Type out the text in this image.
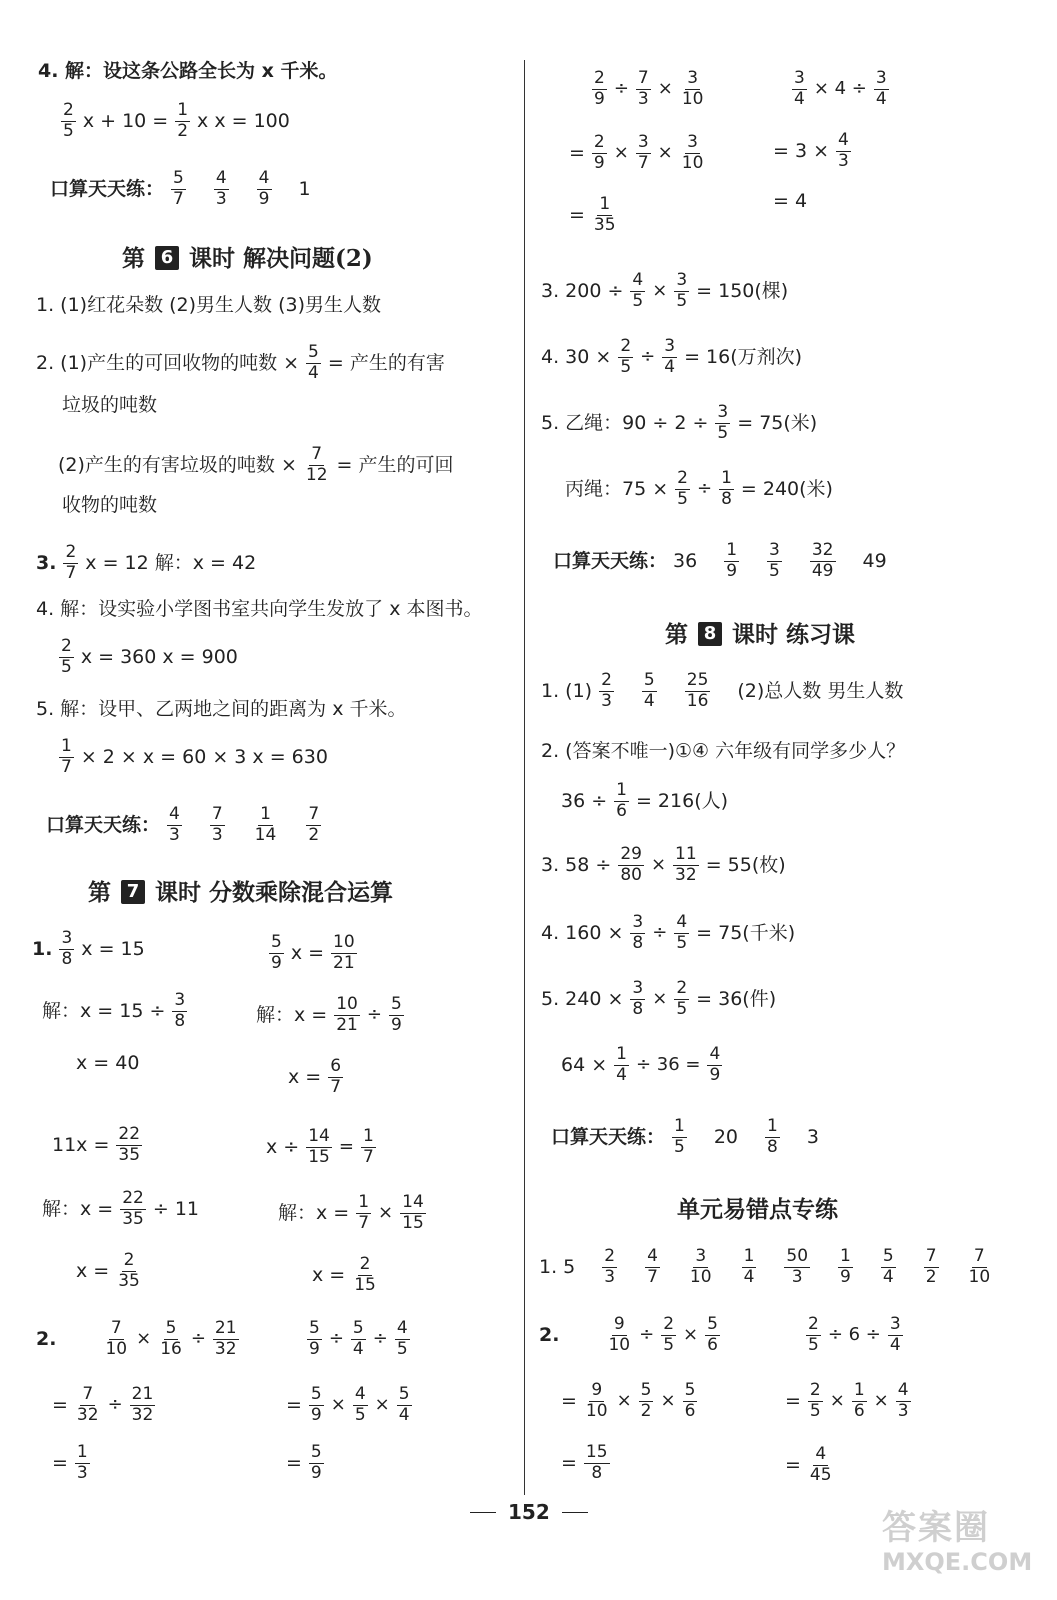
4. 解：设这条公路全长为 x 千米。
$\frac{2}{5}$ $x + 10 = \frac{1}{2}$ x x = 100
口算天天练： $\frac{5}{7} \frac{4}{3} \frac{4}{9} 1$
第 6 课时 解决问题(2)
1. (1)红花朵数 (2)男生人数 (3)男生人数
2. (1)产生的可回收物的吨数 × $\frac{5}{4}$ = 产生的有害
垃圾的吨数
(2)产生的有害垃圾的吨数 × $\frac{7}{12}$ = 产生的可回
收物的吨数
3. $\frac{2}{7}$ x = 12 解：x = 42
4. 解：设实验小学图书室共向学生发放了 x 本图书。
$\frac{2}{5}$ x = 360 x = 900
5. 解：设甲、乙两地之间的距离为 x 千米。
$\frac{1}{7} \times 2 \times x = 60 \times 3$ x = 630
口算天天练： $\frac{4}{3} \frac{7}{3} \frac{1}{14} \frac{7}{2}$
第 7 课时 分数乘除混合运算
1. $\frac{3}{8}$ x = 15
解：$x = 15 \div \frac{3}{8}$
x = 40
$\frac{5}{9}$ $x = \frac{10}{21}$
解：$x = \frac{10}{21} \div \frac{5}{9}$
$x = \frac{6}{7}$
$11x = \frac{22}{35}$
解：$x = \frac{22}{35} \div 11$
$x = \frac{2}{35}$
$x \div \frac{14}{15} = \frac{1}{7}$
解：$x = \frac{1}{7} \times \frac{14}{15}$
$x = \frac{2}{15}$
2.	$\frac{7}{10} \times \frac{5}{16} \div \frac{21}{32}$
= $\frac{7}{32} \div \frac{21}{32}$
= $\frac{1}{3}$
$\frac{5}{9} \div \frac{5}{4} \div \frac{4}{5}$
= $\frac{5}{9} \times \frac{4}{5} \times \frac{5}{4}$
= $\frac{5}{9}$
$\frac{2}{9} \div \frac{7}{3} \times \frac{3}{10}$
= $\frac{2}{9} \times \frac{3}{7} \times \frac{3}{10}$
= $\frac{1}{35}$
$\frac{3}{4} \times 4 \div \frac{3}{4}$
= $3 \times \frac{4}{3}$
= 4
3. $200 \div \frac{4}{5} \times \frac{3}{5} = 150$(棵)
4. $30 \times \frac{2}{5} \div \frac{3}{4} = 16$(万剂次)
5. 乙绳：$90 \div 2 \div \frac{3}{5} = 75$(米)
丙绳：$75 \times \frac{2}{5} \div \frac{1}{8} = 240$(米)
口算天天练： $36 \frac{1}{9} \frac{3}{5} \frac{32}{49} 49$
第 8 课时 练习课
1. $(1) \frac{2}{3} \frac{5}{4} \frac{25}{16} (2)$总人数 男生人数
2. (答案不唯一)①④ 六年级有同学多少人？
$36 \div \frac{1}{6} = 216$(人)
3. $58 \div \frac{29}{80} \times \frac{11}{32} = 55$(枚)
4. $160 \times \frac{3}{8} \div \frac{4}{5} = 75$(千米)
5. $240 \times \frac{3}{8} \times \frac{2}{5} = 36$(件)
$64 \times \frac{1}{4} \div 36 = \frac{4}{9}$
口算天天练： $\frac{1}{5} 20 \frac{1}{8} 3$
单元易错点专练
1. $5 \frac{2}{3} \frac{4}{7} \frac{3}{10} \frac{1}{4} \frac{50}{3} \frac{1}{9} \frac{5}{4} \frac{7}{2} \frac{7}{10}$
2.	$\frac{9}{10} \div \frac{2}{5} \times \frac{5}{6}$
= $\frac{9}{10} \times \frac{5}{2} \times \frac{5}{6}$
= $\frac{15}{8}$
$\frac{2}{5} \div 6 \div \frac{3}{4}$
= $\frac{2}{5} \times \frac{1}{6} \times \frac{4}{3}$
= $\frac{4}{45}$
152	答案圈
MXQE.COM
